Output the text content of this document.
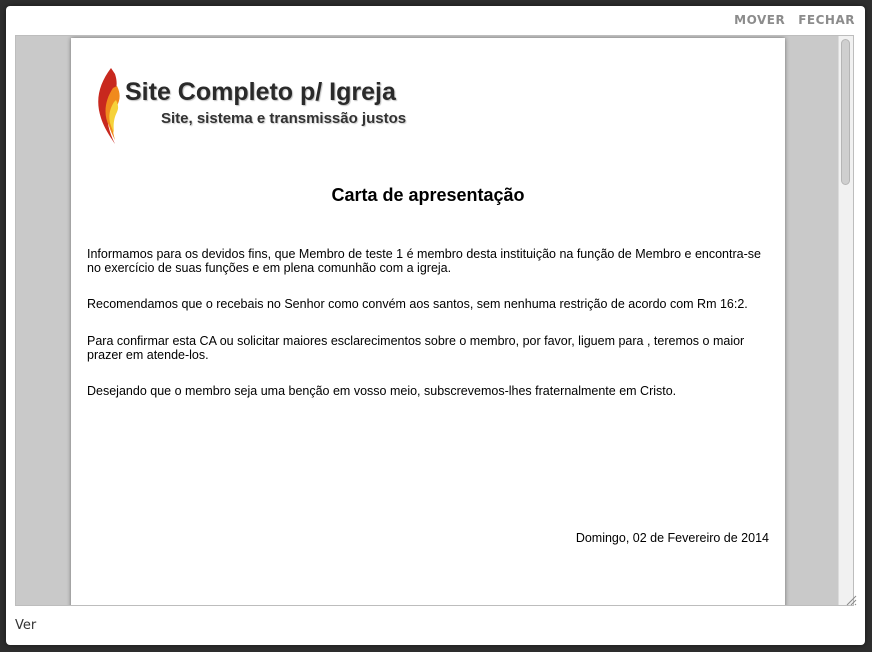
MOVER FECHAR
Site Completo p/ Igreja
Site, sistema e transmissão justos
Carta de apresentação
Informamos para os devidos fins, que Membro de teste 1 é membro desta instituição na função de Membro e encontra-se no exercício de suas funções e em plena comunhão com a igreja.
Recomendamos que o recebais no Senhor como convém aos santos, sem nenhuma restrição de acordo com Rm 16:2.
Para confirmar esta CA ou solicitar maiores esclarecimentos sobre o membro, por favor, liguem para , teremos o maior prazer em atende-los.
Desejando que o membro seja uma benção em vosso meio, subscrevemos-lhes fraternalmente em Cristo.
Domingo, 02 de Fevereiro de 2014
Ver
